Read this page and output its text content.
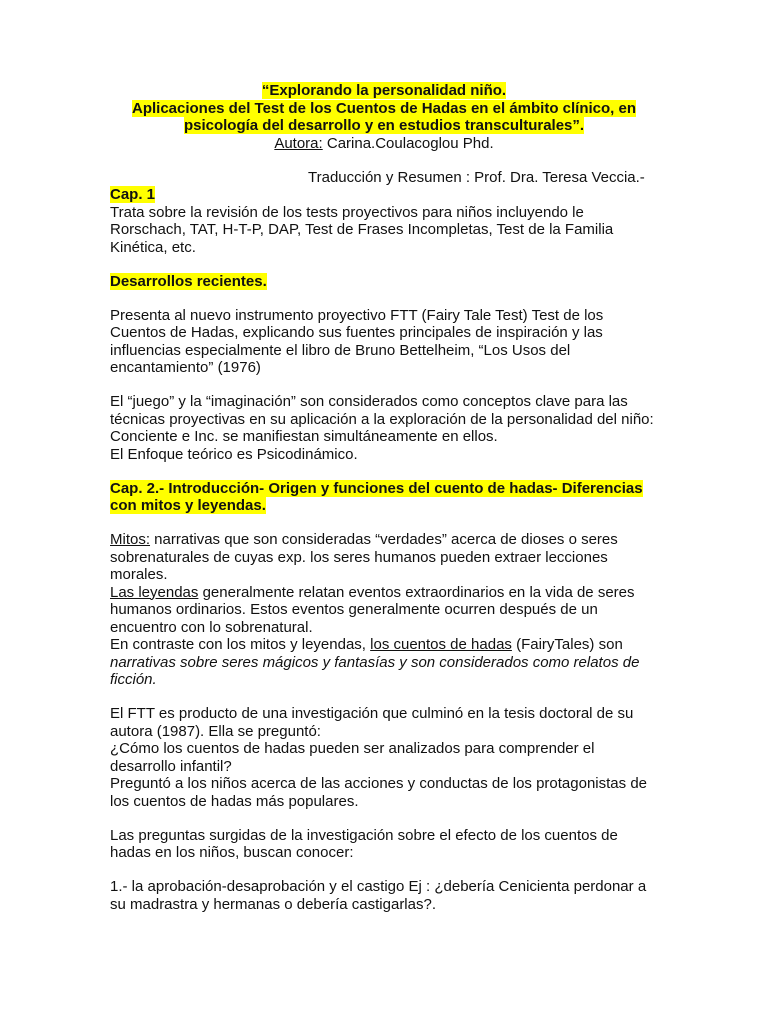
“Explorando la personalidad niño.
Aplicaciones del Test de los Cuentos de Hadas en el ámbito clínico, en
psicología del desarrollo y en estudios transculturales”.
Autora: Carina.Coulacoglou Phd.
Traducción y Resumen : Prof. Dra. Teresa Veccia.-

Cap. 1

Trata sobre la revisión de los tests proyectivos para niños incluyendo le Rorschach, TAT, H-T-P, DAP, Test de Frases Incompletas, Test de la Familia Kinética, etc.

Desarrollos recientes.

Presenta al nuevo instrumento proyectivo FTT (Fairy Tale Test) Test de los Cuentos de Hadas, explicando sus fuentes principales de inspiración y las influencias especialmente el libro de Bruno Bettelheim, “Los Usos del encantamiento” (1976)

El “juego” y la “imaginación” son considerados como conceptos clave para las técnicas proyectivas en su aplicación a la exploración de la personalidad del niño: Conciente e Inc. se manifiestan simultáneamente en ellos.

El Enfoque teórico es Psicodinámico.

Cap. 2.- Introducción- Origen y funciones del cuento de hadas- Diferencias con mitos y leyendas.

Mitos: narrativas que son consideradas “verdades” acerca de dioses o seres sobrenaturales de cuyas exp. los seres humanos pueden extraer lecciones morales.

Las leyendas generalmente relatan eventos extraordinarios en la vida de seres humanos ordinarios. Estos eventos generalmente ocurren después de un encuentro con lo sobrenatural.

En contraste con los mitos y leyendas, los cuentos de hadas (FairyTales) son narrativas sobre seres mágicos y fantasías y son considerados como relatos de ficción.

El FTT es producto de una investigación que culminó en la tesis doctoral de su autora (1987). Ella se preguntó:

¿Cómo los cuentos de hadas pueden ser analizados para comprender el desarrollo infantil?

Preguntó a los niños acerca de las acciones y conductas de los protagonistas de los cuentos de hadas más populares.

Las preguntas surgidas de la investigación sobre el efecto de los cuentos de hadas en los niños, buscan conocer:

1.- la aprobación-desaprobación y el castigo Ej : ¿debería Cenicienta perdonar a su madrastra y hermanas o debería castigarlas?.
